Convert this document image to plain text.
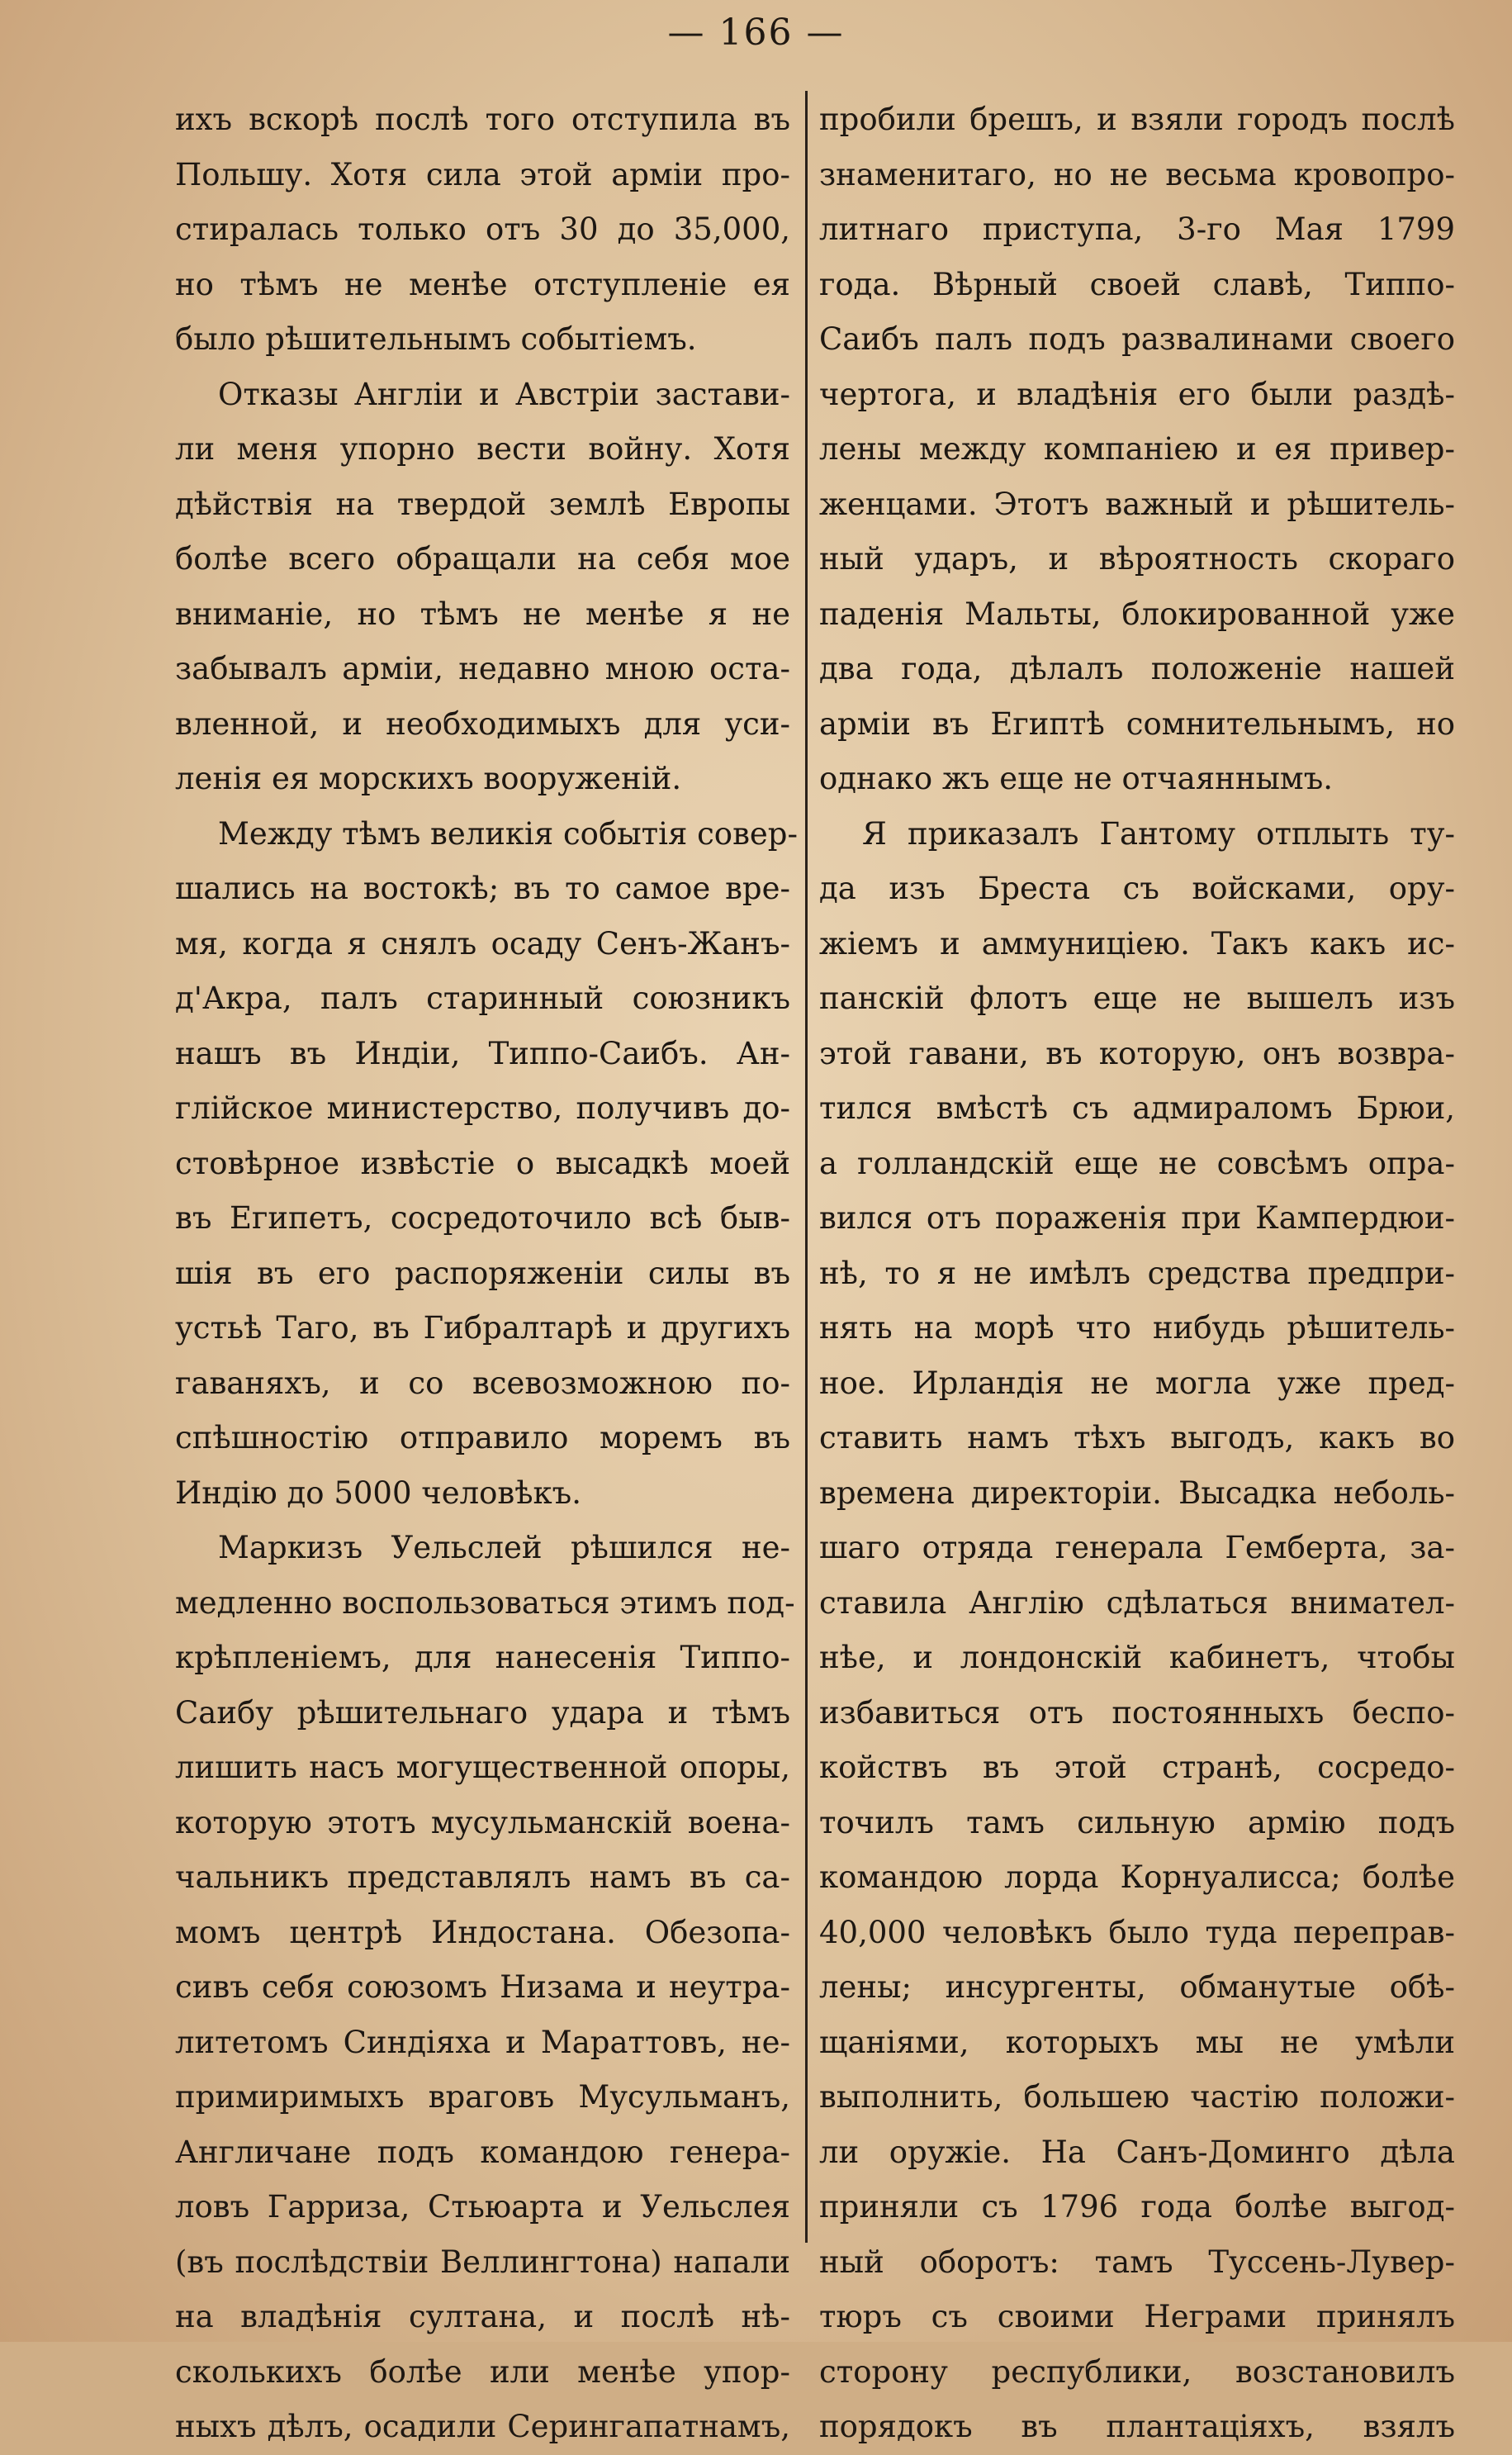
— 166 —
ихъ вскорѣ послѣ того отступила въ
Польшу. Хотя сила этой арміи про-
стиралась только отъ 30 до 35,000,
но тѣмъ не менѣе отступленіе ея
было рѣшительнымъ событіемъ.
Отказы Англіи и Австріи застави-
ли меня упорно вести войну. Хотя
дѣйствія на твердой землѣ Европы
болѣе всего обращали на себя мое
вниманіе, но тѣмъ не менѣе я не
забывалъ арміи, недавно мною оста-
вленной, и необходимыхъ для уси-
ленія ея морскихъ вооруженій.
Между тѣмъ великія событія совер-
шались на востокѣ; въ то самое вре-
мя, когда я снялъ осаду Сенъ-Жанъ-
д'Акра, палъ старинный союзникъ
нашъ въ Индіи, Типпо-Саибъ. Ан-
глійское министерство, получивъ до-
стовѣрное извѣстіе о высадкѣ моей
въ Египетъ, сосредоточило всѣ быв-
шія въ его распоряженіи силы въ
устьѣ Таго, въ Гибралтарѣ и другихъ
гаваняхъ, и со всевозможною по-
спѣшностію отправило моремъ въ
Индію до 5000 человѣкъ.
Маркизъ Уельслей рѣшился не-
медленно воспользоваться этимъ под-
крѣпленіемъ, для нанесенія Типпо-
Саибу рѣшительнаго удара и тѣмъ
лишить насъ могущественной опоры,
которую этотъ мусульманскій воена-
чальникъ представлялъ намъ въ са-
момъ центрѣ Индостана. Обезопа-
сивъ себя союзомъ Низама и неутра-
литетомъ Синдіяха и Мараттовъ, не-
примиримыхъ враговъ Мусульманъ,
Англичане подъ командою генера-
ловъ Гарриза, Стьюарта и Уельслея
(въ послѣдствіи Веллингтона) напали
на владѣнія султана, и послѣ нѣ-
сколькихъ болѣе или менѣе упор-
ныхъ дѣлъ, осадили Серингапатнамъ,
пробили брешъ, и взяли городъ послѣ
знаменитаго, но не весьма кровопро-
литнаго приступа, 3-го Мая 1799
года. Вѣрный своей славѣ, Типпо-
Саибъ палъ подъ развалинами своего
чертога, и владѣнія его были раздѣ-
лены между компаніею и ея привер-
женцами. Этотъ важный и рѣшитель-
ный ударъ, и вѣроятность скораго
паденія Мальты, блокированной уже
два года, дѣлалъ положеніе нашей
арміи въ Египтѣ сомнительнымъ, но
однако жъ еще не отчаяннымъ.
Я приказалъ Гантому отплыть ту-
да изъ Бреста съ войсками, ору-
жіемъ и аммуниціею. Такъ какъ ис-
панскій флотъ еще не вышелъ изъ
этой гавани, въ которую, онъ возвра-
тился вмѣстѣ съ адмираломъ Брюи,
а голландскій еще не совсѣмъ опра-
вился отъ пораженія при Кампердюи-
нѣ, то я не имѣлъ средства предпри-
нять на морѣ что нибудь рѣшитель-
ное. Ирландія не могла уже пред-
ставить намъ тѣхъ выгодъ, какъ во
времена директоріи. Высадка неболь-
шаго отряда генерала Гемберта, за-
ставила Англію сдѣлаться внимател-
нѣе, и лондонскій кабинетъ, чтобы
избавиться отъ постоянныхъ беспо-
койствъ въ этой странѣ, сосредо-
точилъ тамъ сильную армію подъ
командою лорда Корнуалисса; болѣе
40,000 человѣкъ было туда переправ-
лены; инсургенты, обманутые обѣ-
щаніями, которыхъ мы не умѣли
выполнить, большею частію положи-
ли оружіе. На Санъ-Доминго дѣла
приняли съ 1796 года болѣе выгод-
ный оборотъ: тамъ Туссень-Лувер-
тюръ съ своими Неграми принялъ
сторону республики, возстановилъ
порядокъ въ плантаціяхъ, взялъ
